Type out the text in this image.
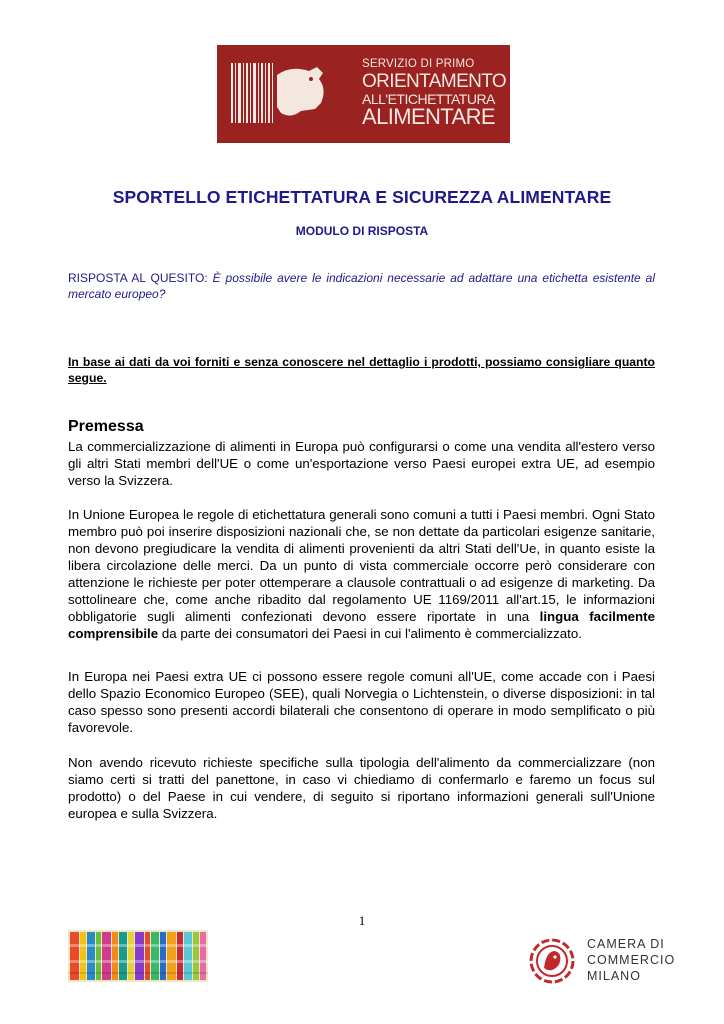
SERVIZIO DI PRIMO
ORIENTAMENTO
ALL'ETICHETTATURA
ALIMENTARE
SPORTELLO ETICHETTATURA E SICUREZZA ALIMENTARE
MODULO DI RISPOSTA

RISPOSTA AL QUESITO: È possibile avere le indicazioni necessarie ad adattare una etichetta esistente al mercato europeo?

In base ai dati da voi forniti e senza conoscere nel dettaglio i prodotti, possiamo consigliare quanto segue.

Premessa

La commercializzazione di alimenti in Europa può configurarsi o come una vendita all'estero verso gli altri Stati membri dell'UE o come un'esportazione verso Paesi europei extra UE, ad esempio verso la Svizzera.

In Unione Europea le regole di etichettatura generali sono comuni a tutti i Paesi membri. Ogni Stato membro può poi inserire disposizioni nazionali che, se non dettate da particolari esigenze sanitarie, non devono pregiudicare la vendita di alimenti provenienti da altri Stati dell'Ue, in quanto esiste la libera circolazione delle merci. Da un punto di vista commerciale occorre però considerare con attenzione le richieste per poter ottemperare a clausole contrattuali o ad esigenze di marketing. Da sottolineare che, come anche ribadito dal regolamento UE 1169/2011 all'art.15, le informazioni obbligatorie sugli alimenti confezionati devono essere riportate in una lingua facilmente comprensibile da parte dei consumatori dei Paesi in cui l'alimento è commercializzato.

In Europa nei Paesi extra UE ci possono essere regole comuni all'UE, come accade con i Paesi dello Spazio Economico Europeo (SEE), quali Norvegia o Lichtenstein, o diverse disposizioni: in tal caso spesso sono presenti accordi bilaterali che consentono di operare in modo semplificato o più favorevole.

Non avendo ricevuto richieste specifiche sulla tipologia dell'alimento da commercializzare (non siamo certi si tratti del panettone, in caso vi chiediamo di confermarlo e faremo un focus sul prodotto) o del Paese in cui vendere, di seguito si riportano informazioni generali sull'Unione europea e sulla Svizzera.

1
CAMERA DI
COMMERCIO
MILANO
